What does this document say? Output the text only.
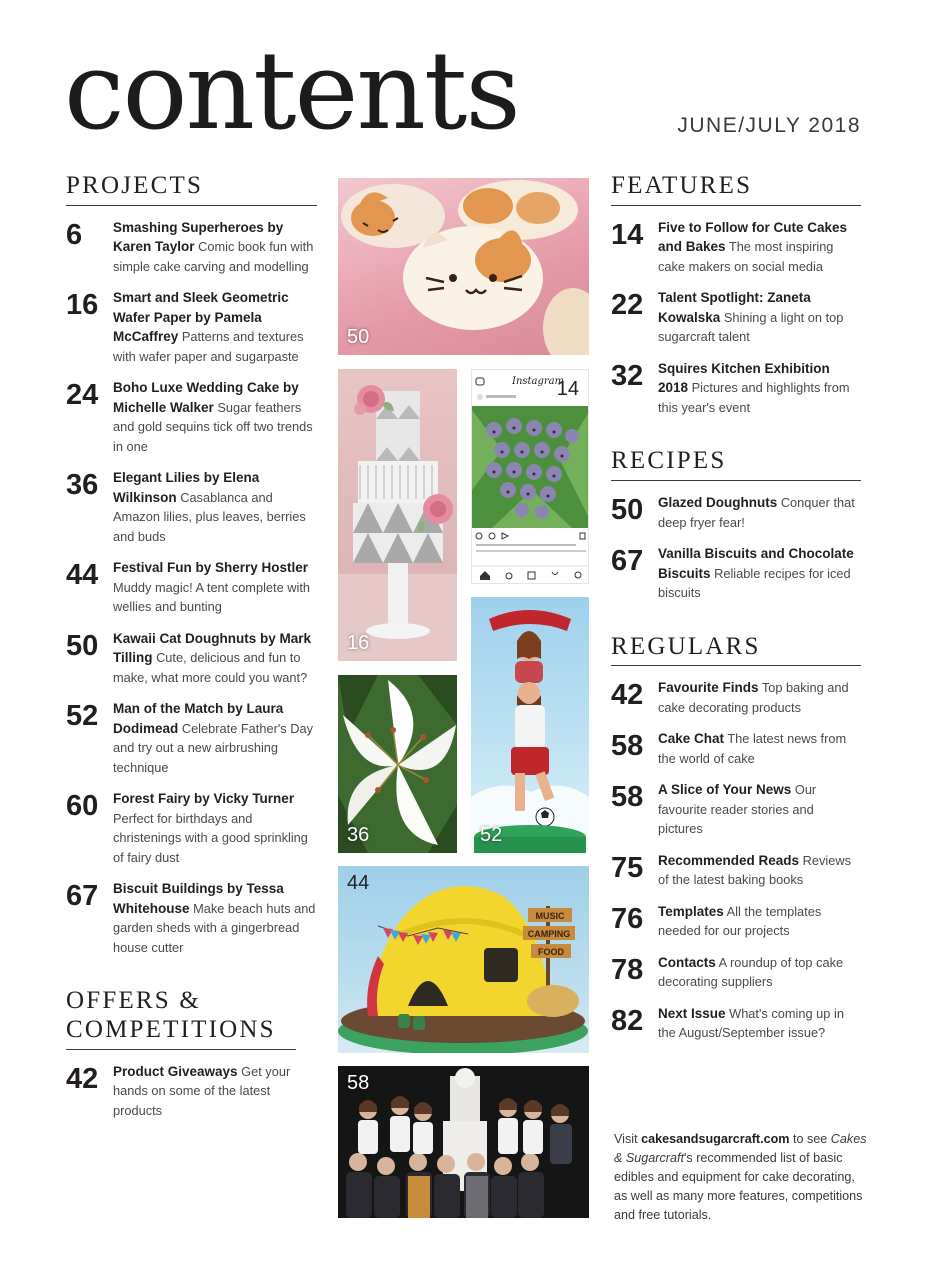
contents	JUNE/JULY 2018
PROJECTS
6	Smashing Superheroes by Karen Taylor Comic book fun with simple cake carving and modelling
16	Smart and Sleek Geometric Wafer Paper by Pamela McCaffrey Patterns and textures with wafer paper and sugarpaste
24	Boho Luxe Wedding Cake by Michelle Walker Sugar feathers and gold sequins tick off two trends in one
36	Elegant Lilies by Elena Wilkinson Casablanca and Amazon lilies, plus leaves, berries and buds
44	Festival Fun by Sherry Hostler Muddy magic! A tent complete with wellies and bunting
50	Kawaii Cat Doughnuts by Mark Tilling Cute, delicious and fun to make, what more could you want?
52	Man of the Match by Laura Dodimead Celebrate Father's Day and try out a new airbrushing technique
60	Forest Fairy by Vicky Turner Perfect for birthdays and christenings with a good sprinkling of fairy dust
67	Biscuit Buildings by Tessa Whitehouse Make beach huts and garden sheds with a gingerbread house cutter
OFFERS & COMPETITIONS
42	Product Giveaways Get your hands on some of the latest products
FEATURES
14	Five to Follow for Cute Cakes and Bakes The most inspiring cake makers on social media
22	Talent Spotlight: Zaneta Kowalska Shining a light on top sugarcraft talent
32	Squires Kitchen Exhibition 2018 Pictures and highlights from this year's event
RECIPES
50	Glazed Doughnuts Conquer that deep fryer fear!
67	Vanilla Biscuits and Chocolate Biscuits Reliable recipes for iced biscuits
REGULARS
42	Favourite Finds Top baking and cake decorating products
58	Cake Chat The latest news from the world of cake
58	A Slice of Your News Our favourite reader stories and pictures
75	Recommended Reads Reviews of the latest baking books
76	Templates All the templates needed for our projects
78	Contacts A roundup of top cake decorating suppliers
82	Next Issue What's coming up in the August/September issue?
Visit cakesandsugarcraft.com to see Cakes & Sugarcraft's recommended list of basic edibles and equipment for cake decorating, as well as many more features, competitions and free tutorials.
50
16
Instagram
14
36	52
MUSIC
CAMPING
FOOD
44
58
